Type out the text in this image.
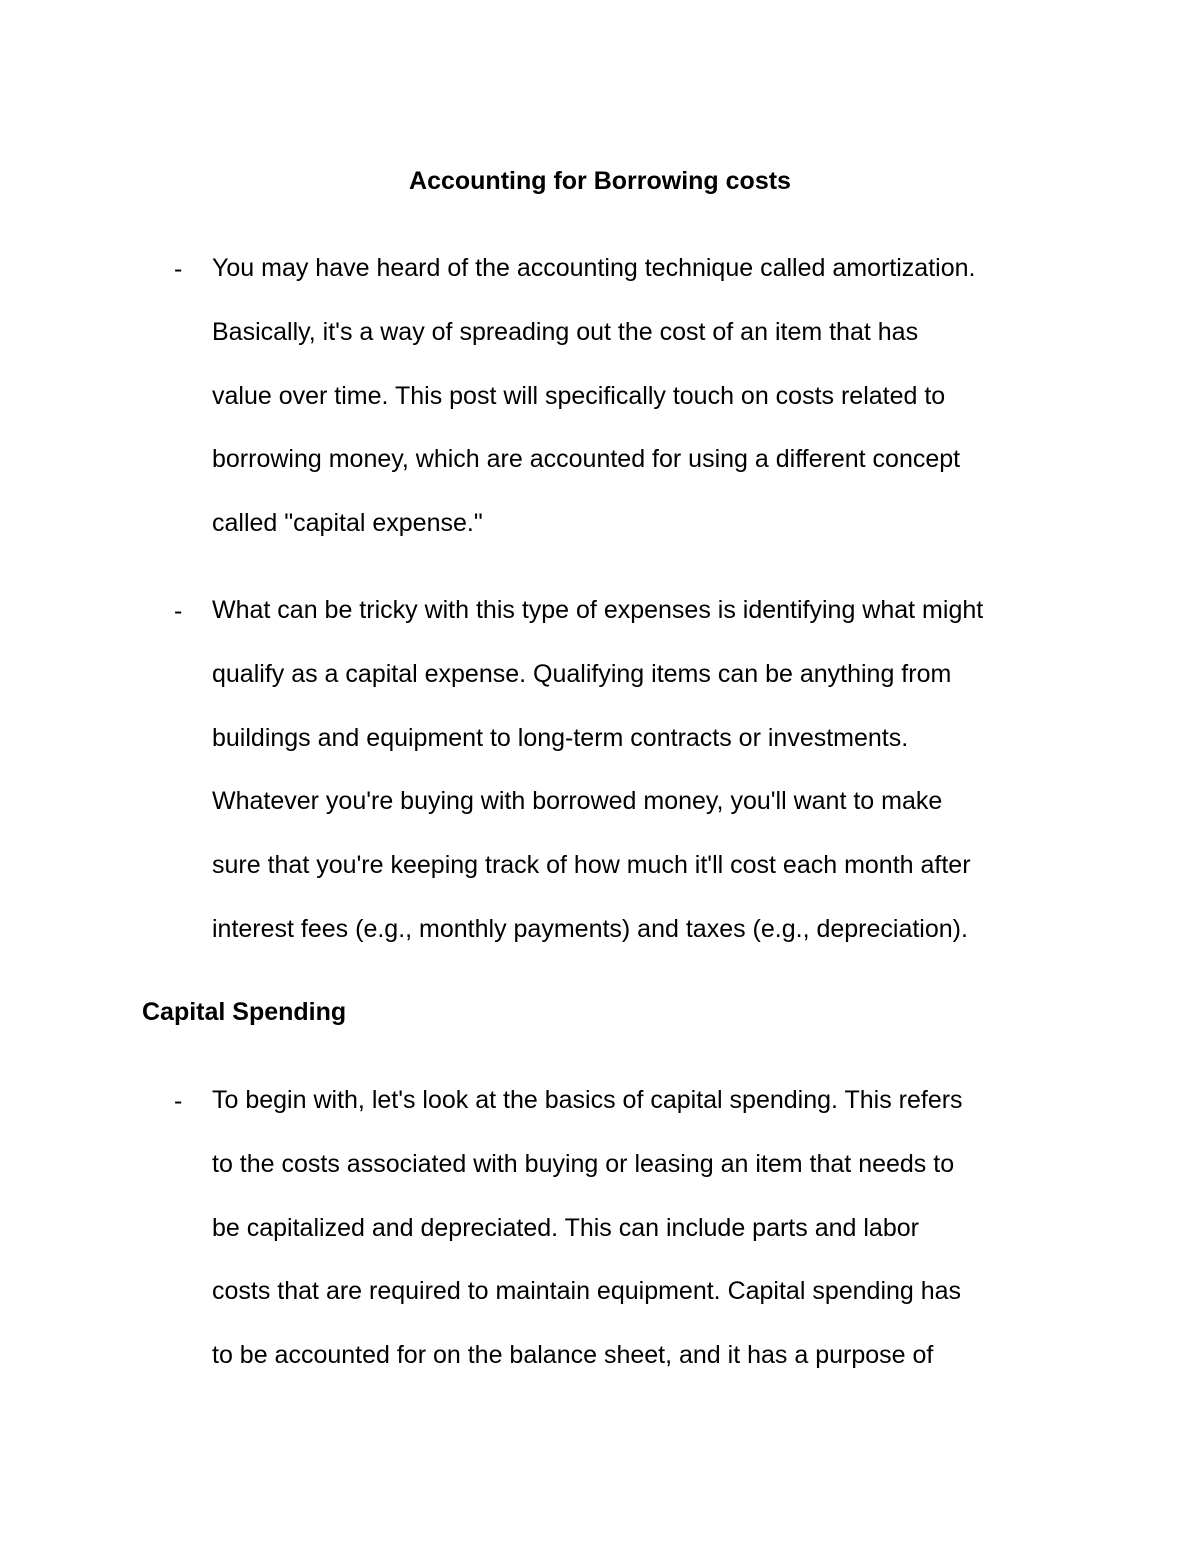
Accounting for Borrowing costs
- You may have heard of the accounting technique called amortization.
Basically, it's a way of spreading out the cost of an item that has
value over time. This post will specifically touch on costs related to
borrowing money, which are accounted for using a different concept
called "capital expense."

- What can be tricky with this type of expenses is identifying what might
qualify as a capital expense. Qualifying items can be anything from
buildings and equipment to long-term contracts or investments.
Whatever you're buying with borrowed money, you'll want to make
sure that you're keeping track of how much it'll cost each month after
interest fees (e.g., monthly payments) and taxes (e.g., depreciation).

Capital Spending
- To begin with, let's look at the basics of capital spending. This refers
to the costs associated with buying or leasing an item that needs to
be capitalized and depreciated. This can include parts and labor
costs that are required to maintain equipment. Capital spending has
to be accounted for on the balance sheet, and it has a purpose of
